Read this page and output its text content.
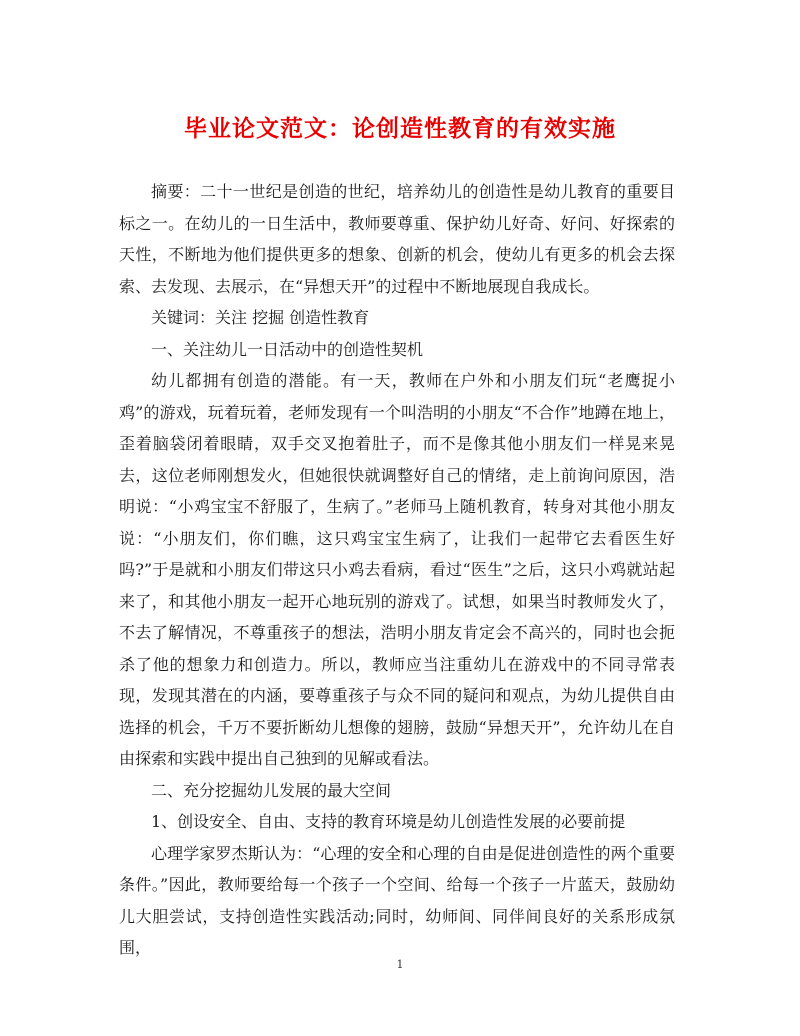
毕业论文范文：论创造性教育的有效实施

摘要：二十一世纪是创造的世纪，培养幼儿的创造性是幼儿教育的重要目标之一。在幼儿的一日生活中，教师要尊重、保护幼儿好奇、好问、好探索的天性，不断地为他们提供更多的想象、创新的机会，使幼儿有更多的机会去探索、去发现、去展示，在“异想天开”的过程中不断地展现自我成长。

关键词：关注 挖掘 创造性教育

一、关注幼儿一日活动中的创造性契机

幼儿都拥有创造的潜能。有一天，教师在户外和小朋友们玩“老鹰捉小鸡”的游戏，玩着玩着，老师发现有一个叫浩明的小朋友“不合作”地蹲在地上，歪着脑袋闭着眼睛，双手交叉抱着肚子，而不是像其他小朋友们一样晃来晃去，这位老师刚想发火，但她很快就调整好自己的情绪，走上前询问原因，浩明说：“小鸡宝宝不舒服了，生病了。”老师马上随机教育，转身对其他小朋友说：“小朋友们，你们瞧，这只鸡宝宝生病了，让我们一起带它去看医生好吗?”于是就和小朋友们带这只小鸡去看病，看过“医生”之后，这只小鸡就站起来了，和其他小朋友一起开心地玩别的游戏了。试想，如果当时教师发火了，不去了解情况，不尊重孩子的想法，浩明小朋友肯定会不高兴的，同时也会扼杀了他的想象力和创造力。所以，教师应当注重幼儿在游戏中的不同寻常表现，发现其潜在的内涵，要尊重孩子与众不同的疑问和观点，为幼儿提供自由选择的机会，千万不要折断幼儿想像的翅膀，鼓励“异想天开”，允许幼儿在自由探索和实践中提出自己独到的见解或看法。

二、充分挖掘幼儿发展的最大空间

1、创设安全、自由、支持的教育环境是幼儿创造性发展的必要前提

心理学家罗杰斯认为：“心理的安全和心理的自由是促进创造性的两个重要条件。”因此，教师要给每一个孩子一个空间、给每一个孩子一片蓝天，鼓励幼儿大胆尝试，支持创造性实践活动;同时，幼师间、同伴间良好的关系形成氛围，

1
